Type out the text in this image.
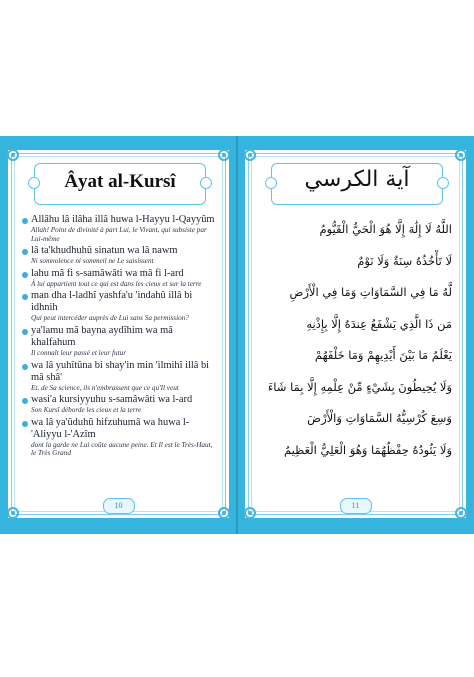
Âyat al-Kursî
Allâhu lâ ilâha illâ huwa l-Hayyu l-Qayyûm
Allah! Point de divinité à part Lui, le Vivant, qui subsiste par Lui-même
lâ ta'khudhuhû sinatun wa lâ nawm
Ni somnolence ni sommeil ne Le saisissent
lahu mâ fi s-samâwâti wa mâ fi l-ard
À lui appartient tout ce qui est dans les cieux et sur la terre
man dha l-ladhî yashfa'u 'indahû illâ bi idhnih
Qui peut intercéder auprès de Lui sans Sa permission?
ya'lamu mâ bayna aydîhim wa mâ khalfahum
Il connaît leur passé et leur futur
wa lâ yuhîtûna bi shay'in min 'ilmihî illâ bi mâ shâ'
Et, de Sa science, ils n'embrassent que ce qu'Il veut
wasi'a kursiyyuhu s-samâwâti wa l-ard
Son Kursî déborde les cieux et la terre
wa lâ ya'ûduhû hifzuhumâ wa huwa l-'Aliyyu l-'Azîm
dont la garde ne Lui coûte aucune peine. Et Il est le Très-Haut, le Très Grand
10
آية الكرسي
اللَّهُ لَا إِلَٰهَ إِلَّا هُوَ الْحَيُّ الْقَيُّومُ
لَا تَأْخُذُهُ سِنَةٌ وَلَا نَوْمٌ
لَّهُ مَا فِي السَّمَاوَاتِ وَمَا فِي الْأَرْضِ
مَن ذَا الَّذِي يَشْفَعُ عِندَهُ إِلَّا بِإِذْنِهِ
يَعْلَمُ مَا بَيْنَ أَيْدِيهِمْ وَمَا خَلْفَهُمْ
وَلَا يُحِيطُونَ بِشَيْءٍ مِّنْ عِلْمِهِ إِلَّا بِمَا شَاءَ
وَسِعَ كُرْسِيُّهُ السَّمَاوَاتِ وَالْأَرْضَ
وَلَا يَئُودُهُ حِفْظُهُمَا وَهُوَ الْعَلِيُّ الْعَظِيمُ
11
